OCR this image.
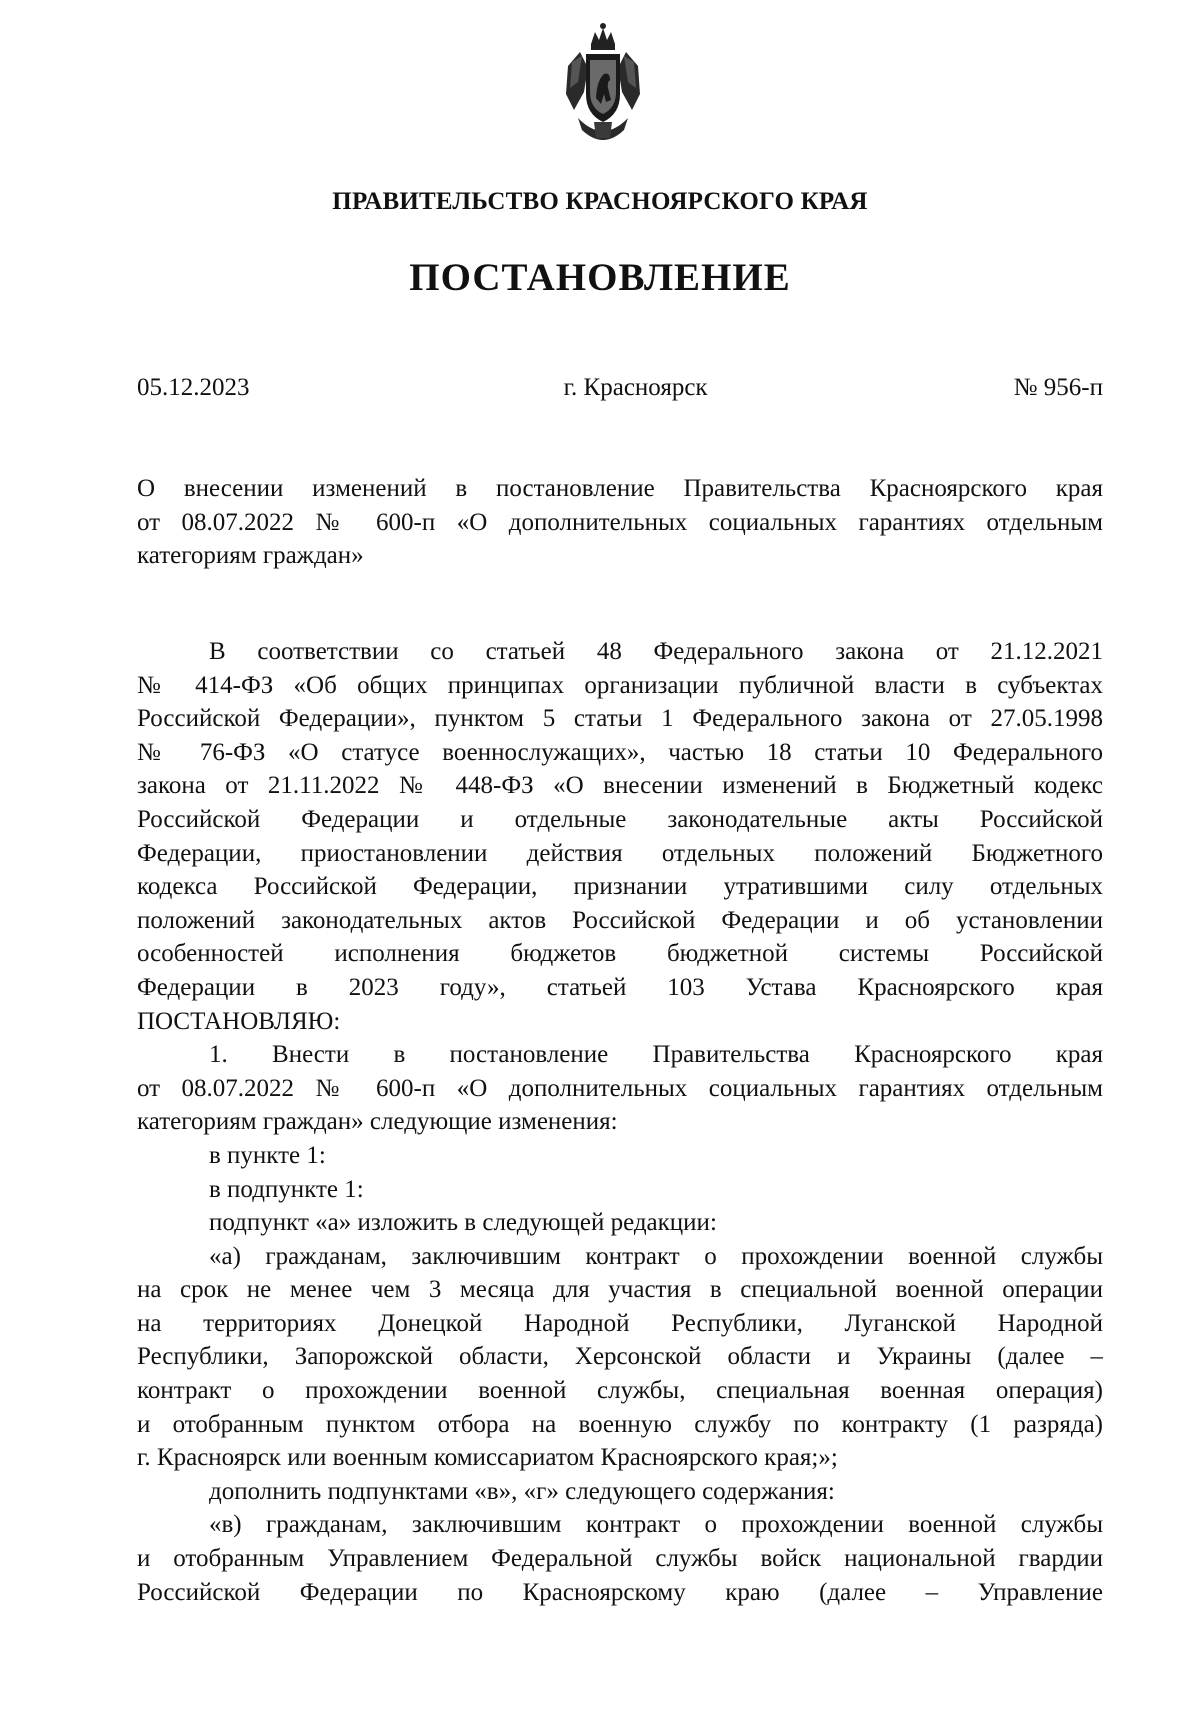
ПРАВИТЕЛЬСТВО КРАСНОЯРСКОГО КРАЯ
ПОСТАНОВЛЕНИЕ
05.12.2023	г. Красноярск	№ 956-п
О внесении изменений в постановление Правительства Красноярского края
от 08.07.2022 № 600-п «О дополнительных социальных гарантиях отдельным
категориям граждан»
В соответствии со статьей 48 Федерального закона от 21.12.2021
№ 414-ФЗ «Об общих принципах организации публичной власти в субъектах
Российской Федерации», пунктом 5 статьи 1 Федерального закона от 27.05.1998
№ 76-ФЗ «О статусе военнослужащих», частью 18 статьи 10 Федерального
закона от 21.11.2022 № 448-ФЗ «О внесении изменений в Бюджетный кодекс
Российской Федерации и отдельные законодательные акты Российской
Федерации, приостановлении действия отдельных положений Бюджетного
кодекса Российской Федерации, признании утратившими силу отдельных
положений законодательных актов Российской Федерации и об установлении
особенностей исполнения бюджетов бюджетной системы Российской
Федерации в 2023 году», статьей 103 Устава Красноярского края
ПОСТАНОВЛЯЮ:
1. Внести в постановление Правительства Красноярского края
от 08.07.2022 № 600-п «О дополнительных социальных гарантиях отдельным
категориям граждан» следующие изменения:
в пункте 1:
в подпункте 1:
подпункт «а» изложить в следующей редакции:
«а) гражданам, заключившим контракт о прохождении военной службы
на срок не менее чем 3 месяца для участия в специальной военной операции
на территориях Донецкой Народной Республики, Луганской Народной
Республики, Запорожской области, Херсонской области и Украины (далее –
контракт о прохождении военной службы, специальная военная операция)
и отобранным пунктом отбора на военную службу по контракту (1 разряда)
г. Красноярск или военным комиссариатом Красноярского края;»;
дополнить подпунктами «в», «г» следующего содержания:
«в) гражданам, заключившим контракт о прохождении военной службы
и отобранным Управлением Федеральной службы войск национальной гвардии
Российской Федерации по Красноярскому краю (далее – Управление
